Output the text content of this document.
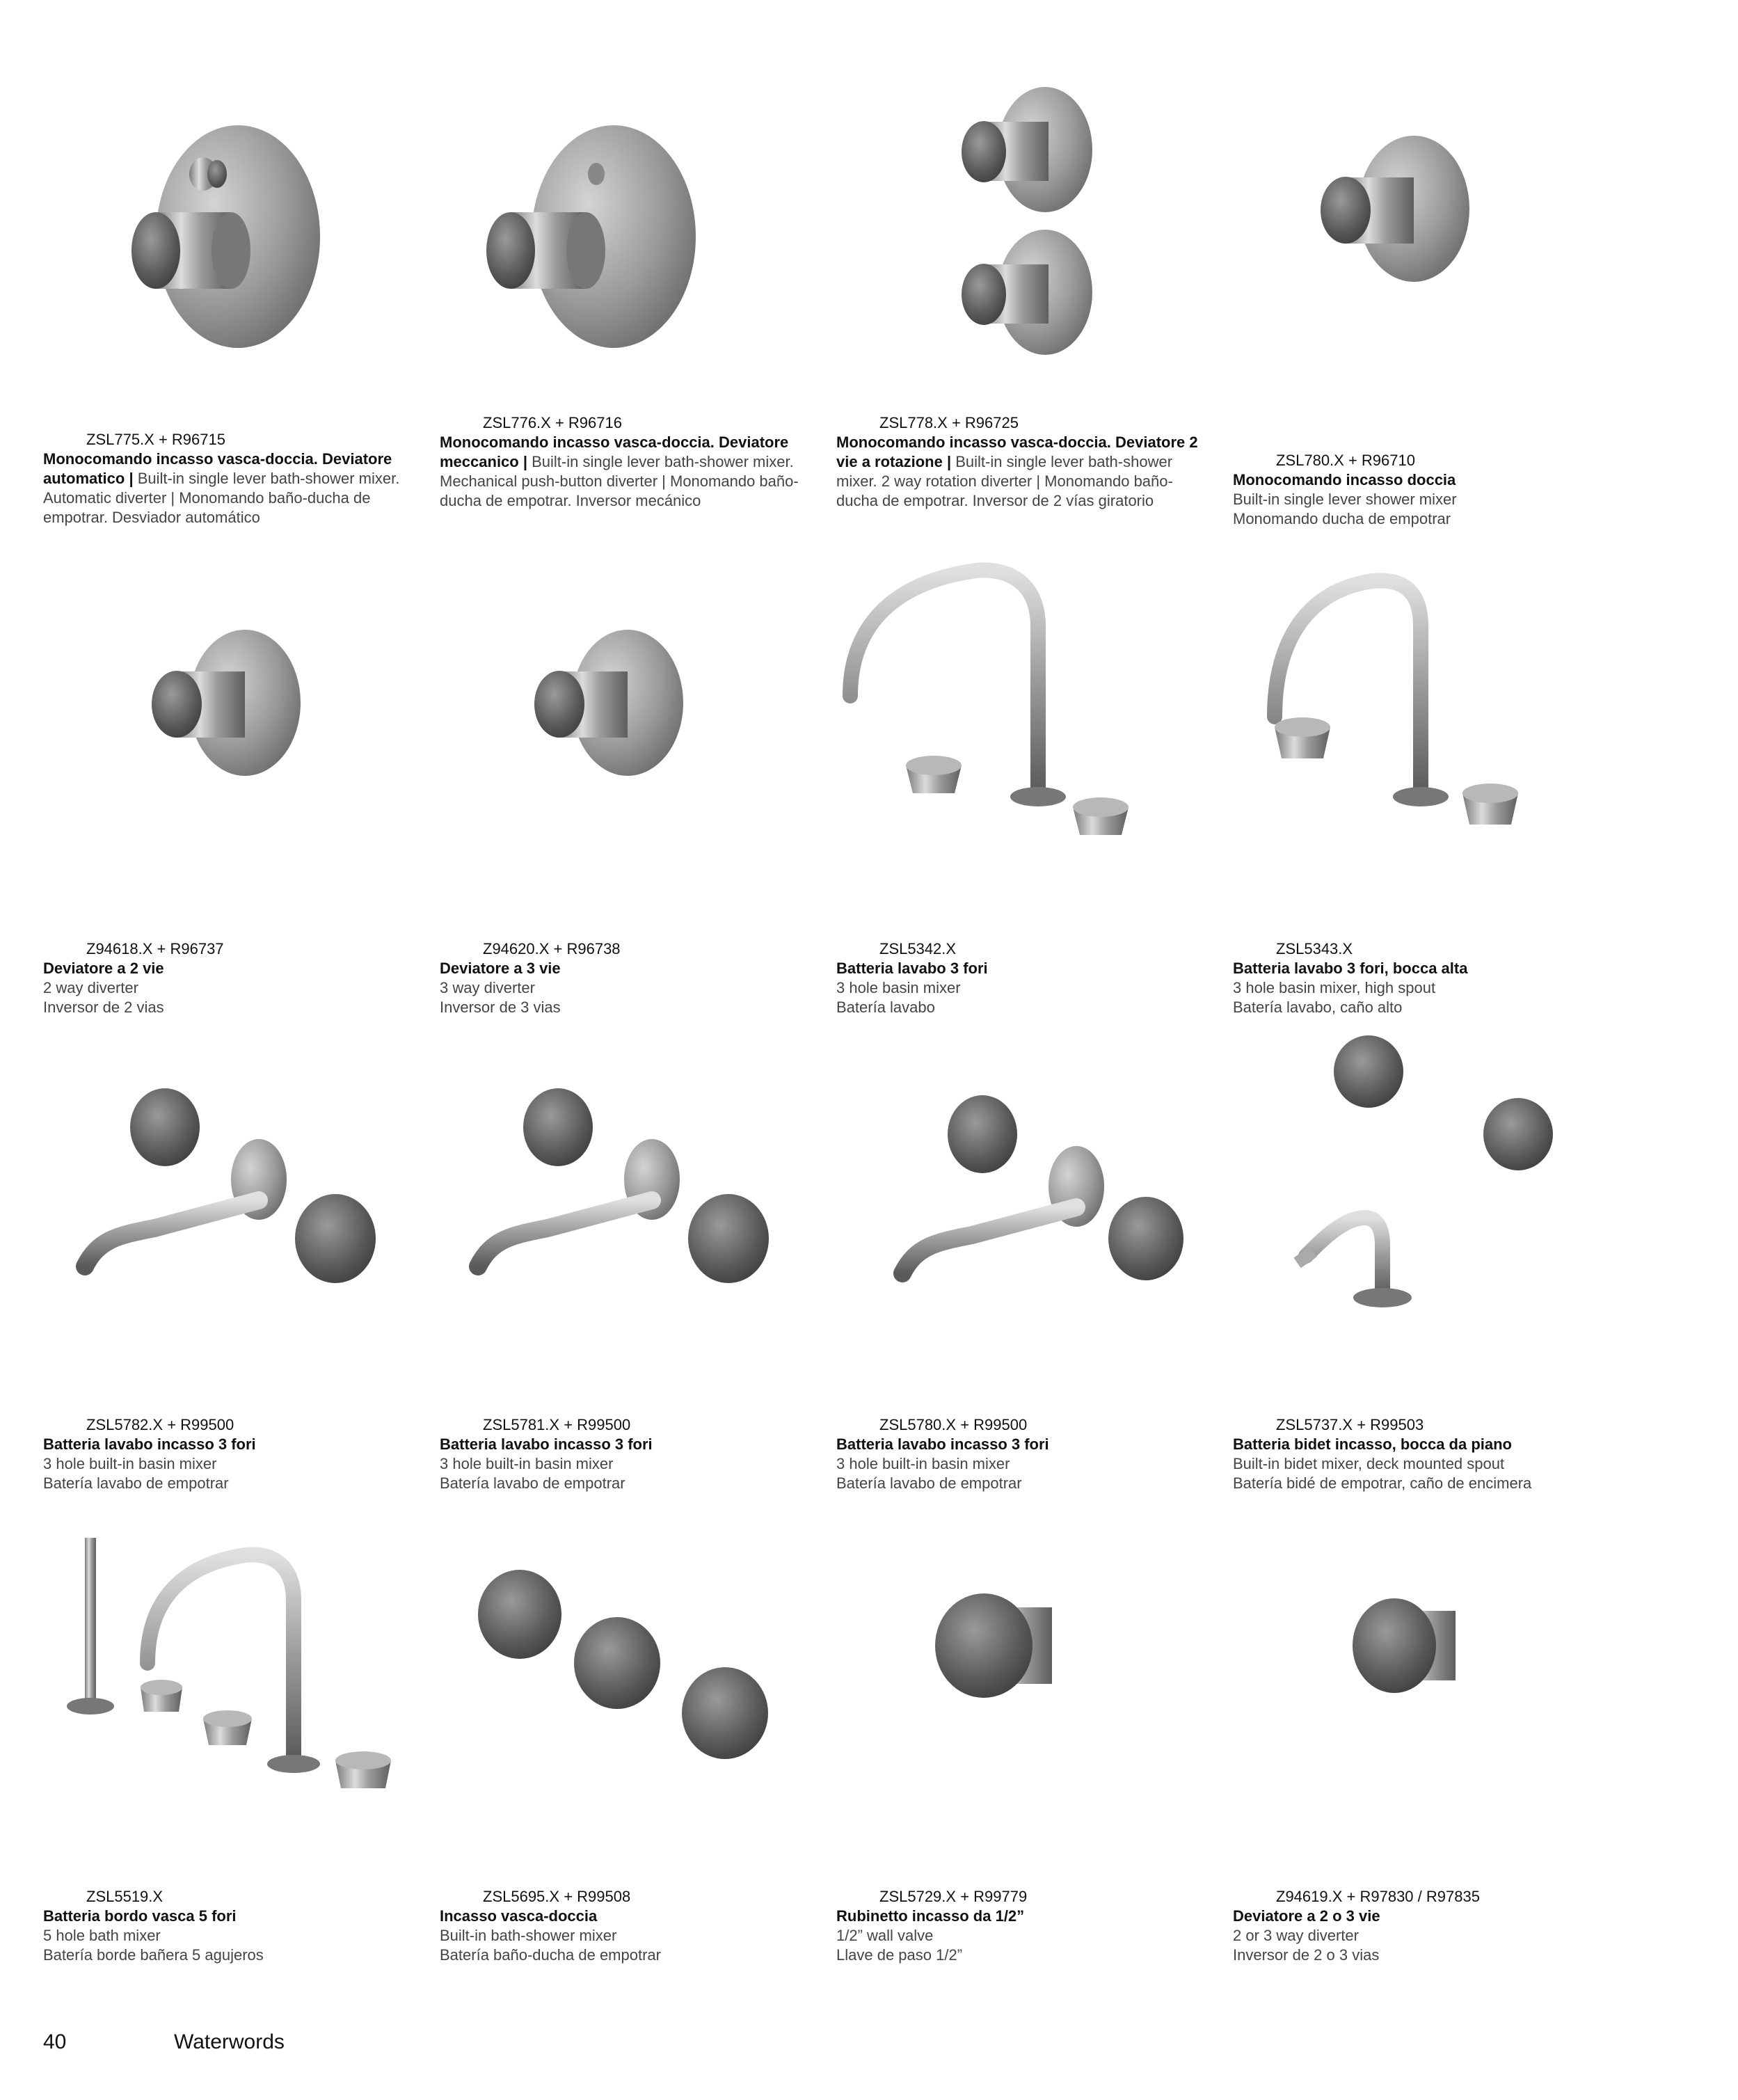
ZSL775.X + R96715
Monocomando incasso vasca-doccia. Deviatore automatico | Built-in single lever bath-shower mixer. Automatic diverter | Monomando baño-ducha de empotrar. Desviador automático
ZSL776.X + R96716
Monocomando incasso vasca-doccia. Deviatore meccanico | Built-in single lever bath-shower mixer. Mechanical push-button diverter | Monomando baño-ducha de empotrar. Inversor mecánico
ZSL778.X + R96725
Monocomando incasso vasca-doccia. Deviatore 2 vie a rotazione | Built-in single lever bath-shower mixer. 2 way rotation diverter | Monomando baño-ducha de empotrar. Inversor de 2 vías giratorio
ZSL780.X + R96710
Monocomando incasso doccia
Built-in single lever shower mixer
Monomando ducha de empotrar
Z94618.X + R96737
Deviatore a 2 vie
2 way diverter
Inversor de 2 vias
Z94620.X + R96738
Deviatore a 3 vie
3 way diverter
Inversor de 3 vias
ZSL5342.X
Batteria lavabo 3 fori
3 hole basin mixer
Batería lavabo
ZSL5343.X
Batteria lavabo 3 fori, bocca alta
3 hole basin mixer, high spout
Batería lavabo, caño alto
ZSL5782.X + R99500
Batteria lavabo incasso 3 fori
3 hole built-in basin mixer
Batería lavabo de empotrar
ZSL5781.X + R99500
Batteria lavabo incasso 3 fori
3 hole built-in basin mixer
Batería lavabo de empotrar
ZSL5780.X + R99500
Batteria lavabo incasso 3 fori
3 hole built-in basin mixer
Batería lavabo de empotrar
ZSL5737.X + R99503
Batteria bidet incasso, bocca da piano
Built-in bidet mixer, deck mounted spout
Batería bidé de empotrar, caño de encimera
ZSL5519.X
Batteria bordo vasca 5 fori
5 hole bath mixer
Batería borde bañera 5 agujeros
ZSL5695.X + R99508
Incasso vasca-doccia
Built-in bath-shower mixer
Batería baño-ducha de empotrar
ZSL5729.X + R99779
Rubinetto incasso da 1/2”
1/2” wall valve
Llave de paso 1/2”
Z94619.X + R97830 / R97835
Deviatore a 2 o 3 vie
2 or 3 way diverter
Inversor de 2 o 3 vias
40	Waterwords
